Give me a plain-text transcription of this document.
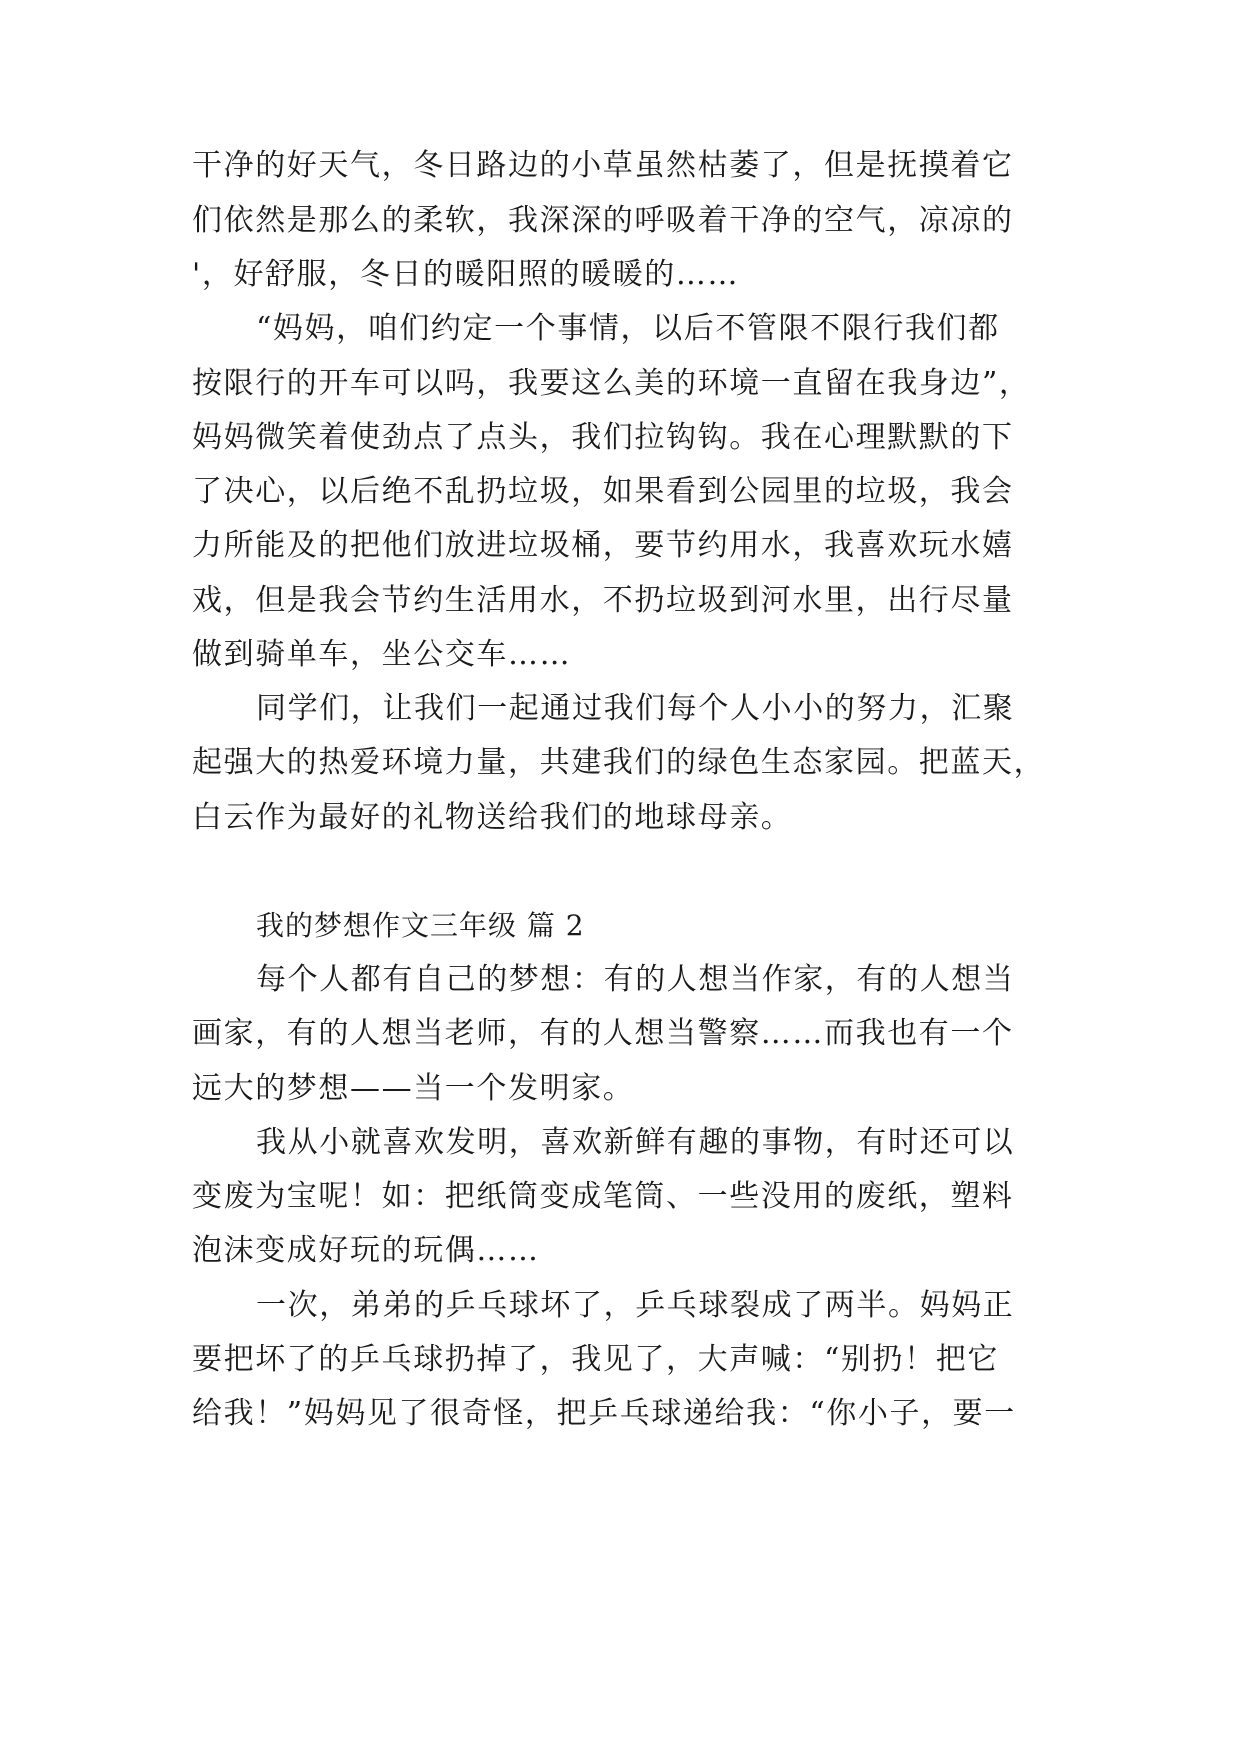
干净的好天气，冬日路边的小草虽然枯萎了，但是抚摸着它
们依然是那么的柔软，我深深的呼吸着干净的空气，凉凉的
'，好舒服，冬日的暖阳照的暖暖的……
“妈妈，咱们约定一个事情，以后不管限不限行我们都
按限行的开车可以吗，我要这么美的环境一直留在我身边”，
妈妈微笑着使劲点了点头，我们拉钩钩。我在心理默默的下
了决心，以后绝不乱扔垃圾，如果看到公园里的垃圾，我会
力所能及的把他们放进垃圾桶，要节约用水，我喜欢玩水嬉
戏，但是我会节约生活用水，不扔垃圾到河水里，出行尽量
做到骑单车，坐公交车……
同学们，让我们一起通过我们每个人小小的努力，汇聚
起强大的热爱环境力量，共建我们的绿色生态家园。把蓝天，
白云作为最好的礼物送给我们的地球母亲。
我的梦想作文三年级 篇 2
每个人都有自己的梦想：有的人想当作家，有的人想当
画家，有的人想当老师，有的人想当警察……而我也有一个
远大的梦想——当一个发明家。
我从小就喜欢发明，喜欢新鲜有趣的事物，有时还可以
变废为宝呢！如：把纸筒变成笔筒、一些没用的废纸，塑料
泡沫变成好玩的玩偶……
一次，弟弟的乒乓球坏了，乒乓球裂成了两半。妈妈正
要把坏了的乒乓球扔掉了，我见了，大声喊：“别扔！把它
给我！”妈妈见了很奇怪，把乒乓球递给我：“你小子，要一
